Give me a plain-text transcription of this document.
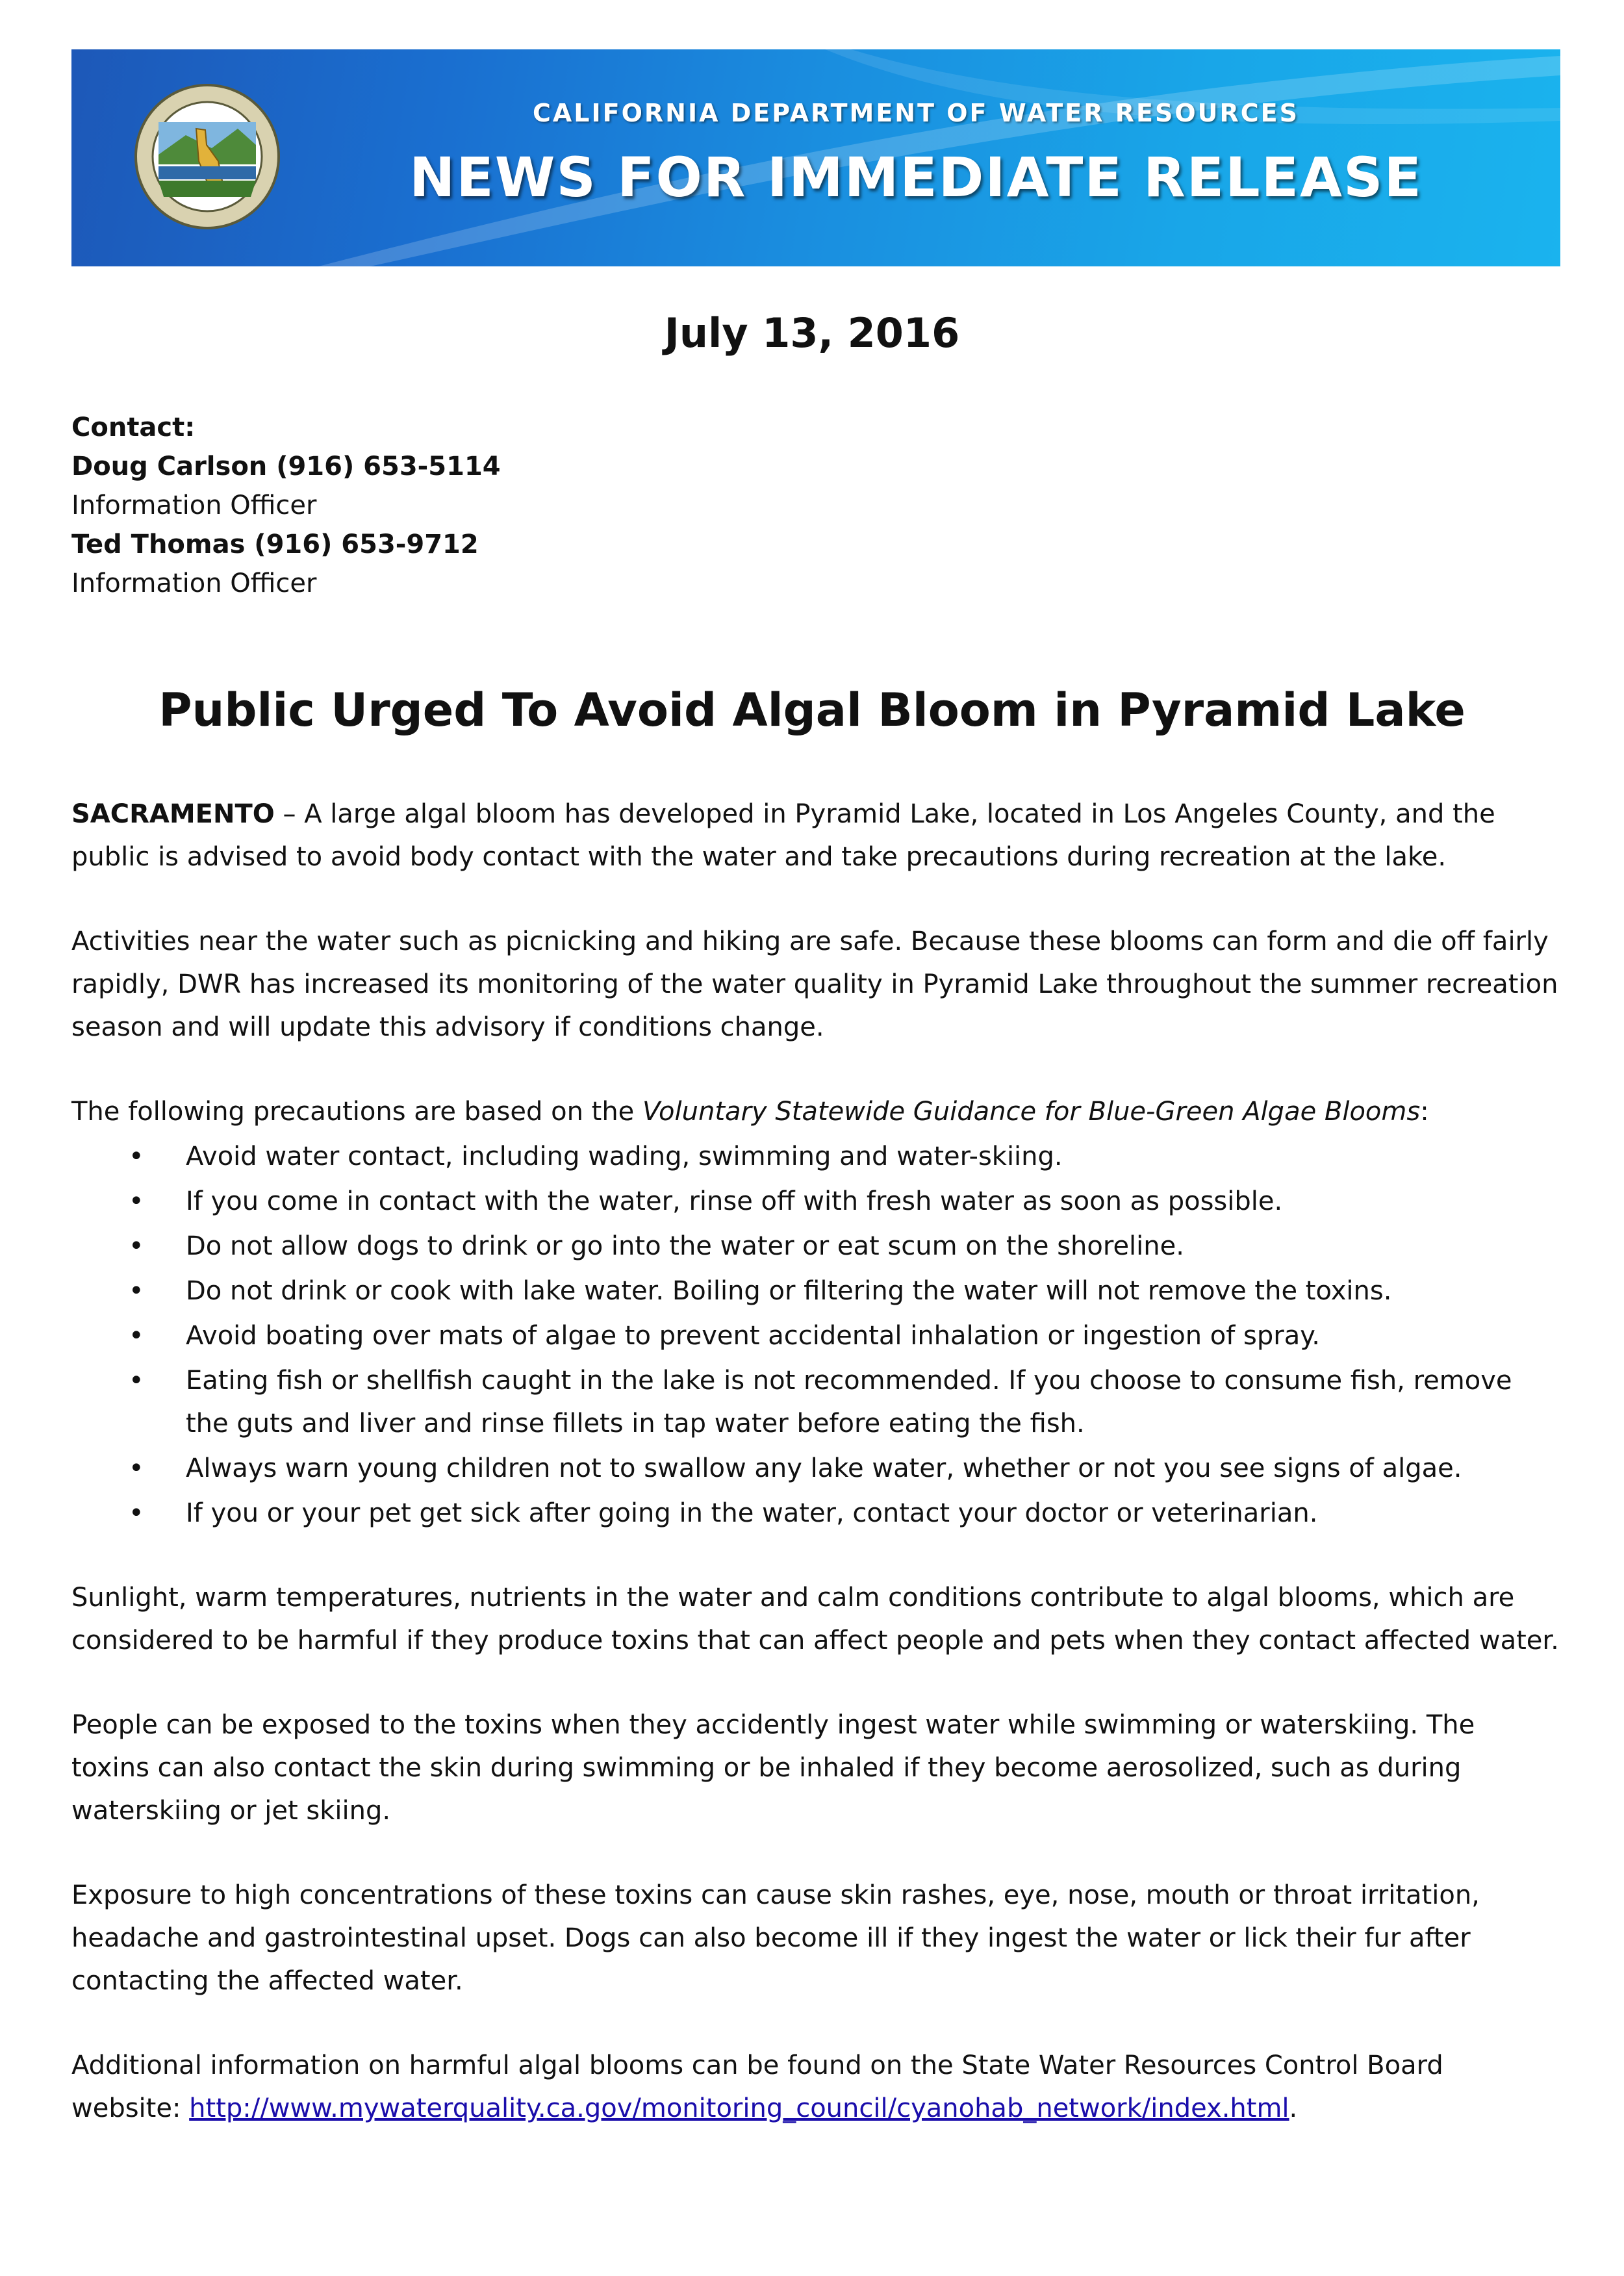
CALIFORNIA DEPARTMENT OF WATER RESOURCES
NEWS FOR IMMEDIATE RELEASE
July 13, 2016
Contact:
Doug Carlson (916) 653-5114
Information Officer
Ted Thomas (916) 653-9712
Information Officer
Public Urged To Avoid Algal Bloom in Pyramid Lake

SACRAMENTO – A large algal bloom has developed in Pyramid Lake, located in Los Angeles County, and the public is advised to avoid body contact with the water and take precautions during recreation at the lake.

Activities near the water such as picnicking and hiking are safe. Because these blooms can form and die off fairly rapidly, DWR has increased its monitoring of the water quality in Pyramid Lake throughout the summer recreation season and will update this advisory if conditions change.

The following precautions are based on the Voluntary Statewide Guidance for Blue-Green Algae Blooms:

• Avoid water contact, including wading, swimming and water-skiing.
• If you come in contact with the water, rinse off with fresh water as soon as possible.
• Do not allow dogs to drink or go into the water or eat scum on the shoreline.
• Do not drink or cook with lake water. Boiling or filtering the water will not remove the toxins.
• Avoid boating over mats of algae to prevent accidental inhalation or ingestion of spray.
• Eating fish or shellfish caught in the lake is not recommended. If you choose to consume fish, remove the guts and liver and rinse fillets in tap water before eating the fish.
• Always warn young children not to swallow any lake water, whether or not you see signs of algae.
• If you or your pet get sick after going in the water, contact your doctor or veterinarian.

Sunlight, warm temperatures, nutrients in the water and calm conditions contribute to algal blooms, which are considered to be harmful if they produce toxins that can affect people and pets when they contact affected water.

People can be exposed to the toxins when they accidently ingest water while swimming or waterskiing. The toxins can also contact the skin during swimming or be inhaled if they become aerosolized, such as during waterskiing or jet skiing.

Exposure to high concentrations of these toxins can cause skin rashes, eye, nose, mouth or throat irritation, headache and gastrointestinal upset. Dogs can also become ill if they ingest the water or lick their fur after contacting the affected water.

Additional information on harmful algal blooms can be found on the State Water Resources Control Board website: http://www.mywaterquality.ca.gov/monitoring_council/cyanohab_network/index.html.
